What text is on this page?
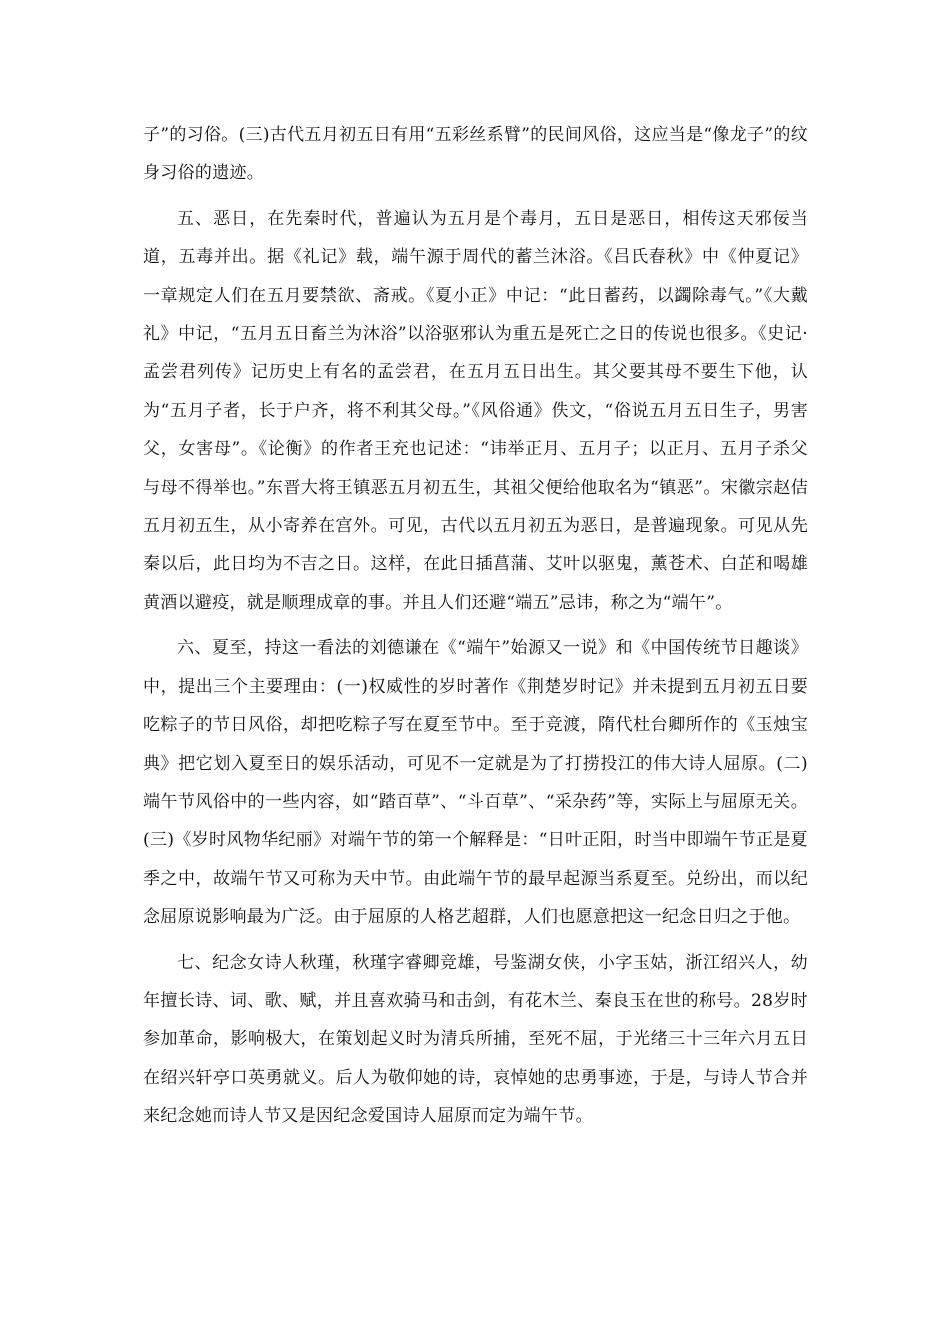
子”的习俗。(三)古代五月初五日有用“五彩丝系臂”的民间风俗，这应当是“像龙子”的纹身习俗的遗迹。

五、恶日，在先秦时代，普遍认为五月是个毒月，五日是恶日，相传这天邪佞当道，五毒并出。据《礼记》载，端午源于周代的蓄兰沐浴。《吕氏春秋》中《仲夏记》一章规定人们在五月要禁欲、斋戒。《夏小正》中记：“此日蓄药，以蠲除毒气。”《大戴礼》中记，“五月五日畜兰为沐浴”以浴驱邪认为重五是死亡之日的传说也很多。《史记·孟尝君列传》记历史上有名的孟尝君，在五月五日出生。其父要其母不要生下他，认为“五月子者，长于户齐，将不利其父母。”《风俗通》佚文，“俗说五月五日生子，男害父，女害母”。《论衡》的作者王充也记述：“讳举正月、五月子；以正月、五月子杀父与母不得举也。”东晋大将王镇恶五月初五生，其祖父便给他取名为“镇恶”。宋徽宗赵佶五月初五生，从小寄养在宫外。可见，古代以五月初五为恶日，是普遍现象。可见从先秦以后，此日均为不吉之日。这样，在此日插菖蒲、艾叶以驱鬼，薰苍术、白芷和喝雄黄酒以避疫，就是顺理成章的事。并且人们还避“端五”忌讳，称之为“端午”。

六、夏至，持这一看法的刘德谦在《“端午”始源又一说》和《中国传统节日趣谈》中，提出三个主要理由：(一)权威性的岁时著作《荆楚岁时记》并未提到五月初五日要吃粽子的节日风俗，却把吃粽子写在夏至节中。至于竞渡，隋代杜台卿所作的《玉烛宝典》把它划入夏至日的娱乐活动，可见不一定就是为了打捞投江的伟大诗人屈原。(二)端午节风俗中的一些内容，如“踏百草”、“斗百草”、“采杂药”等，实际上与屈原无关。(三)《岁时风物华纪丽》对端午节的第一个解释是：“日叶正阳，时当中即端午节正是夏季之中，故端午节又可称为天中节。由此端午节的最早起源当系夏至。兑纷出，而以纪念屈原说影响最为广泛。由于屈原的人格艺超群，人们也愿意把这一纪念日归之于他。

七、纪念女诗人秋瑾，秋瑾字睿卿竞雄，号鉴湖女侠，小字玉姑，浙江绍兴人，幼年擅长诗、词、歌、赋，并且喜欢骑马和击剑，有花木兰、秦良玉在世的称号。28岁时参加革命，影响极大，在策划起义时为清兵所捕，至死不屈，于光绪三十三年六月五日在绍兴轩亭口英勇就义。后人为敬仰她的诗，哀悼她的忠勇事迹，于是，与诗人节合并来纪念她而诗人节又是因纪念爱国诗人屈原而定为端午节。
